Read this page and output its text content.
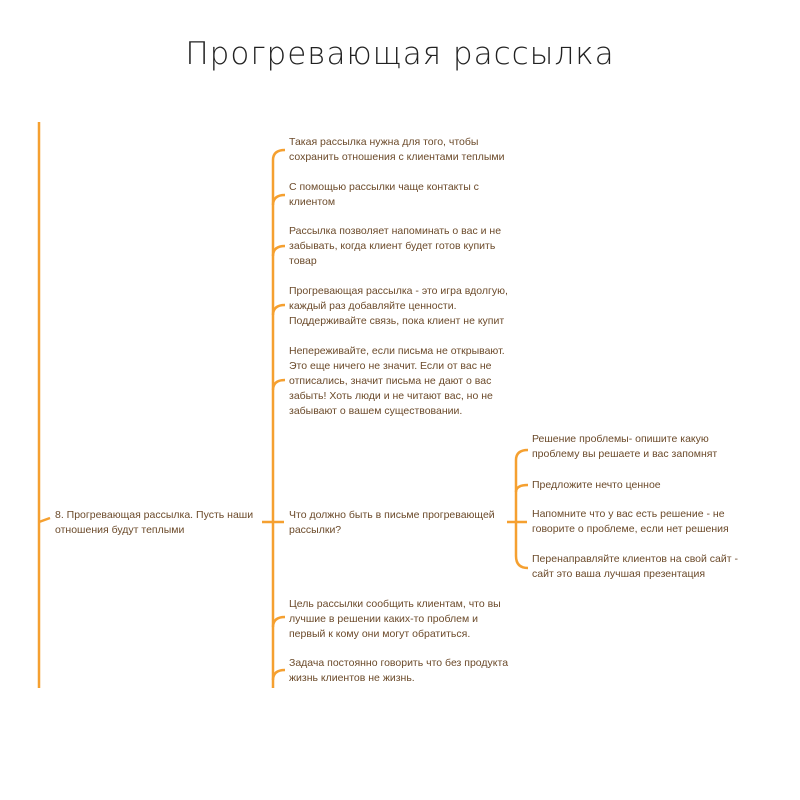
Прогревающая рассылка
8. Прогревающая рассылка. Пусть наши
отношения будут теплыми
Такая рассылка нужна для того, чтобы
сохранить отношения с клиентами теплыми
С помощью рассылки чаще контакты с
клиентом
Рассылка позволяет напоминать о вас и не
забывать, когда клиент будет готов купить
товар
Прогревающая рассылка - это игра вдолгую,
каждый раз добавляйте ценности.
Поддерживайте связь, пока клиент не купит
Непереживайте, если письма не открывают.
Это еще ничего не значит. Если от вас не
отписались, значит письма не дают о вас
забыть! Хоть люди и не читают вас, но не
забывают о вашем существовании.
Что должно быть в письме прогревающей
рассылки?
Цель рассылки сообщить клиентам, что вы
лучшие в решении каких-то проблем и
первый к кому они могут обратиться.
Задача постоянно говорить что без продукта
жизнь клиентов не жизнь.
Решение проблемы- опишите какую
проблему вы решаете и вас запомнят
Предложите нечто ценное
Напомните что у вас есть решение - не
говорите о проблеме, если нет решения
Перенаправляйте клиентов на свой сайт -
сайт это ваша лучшая презентация
